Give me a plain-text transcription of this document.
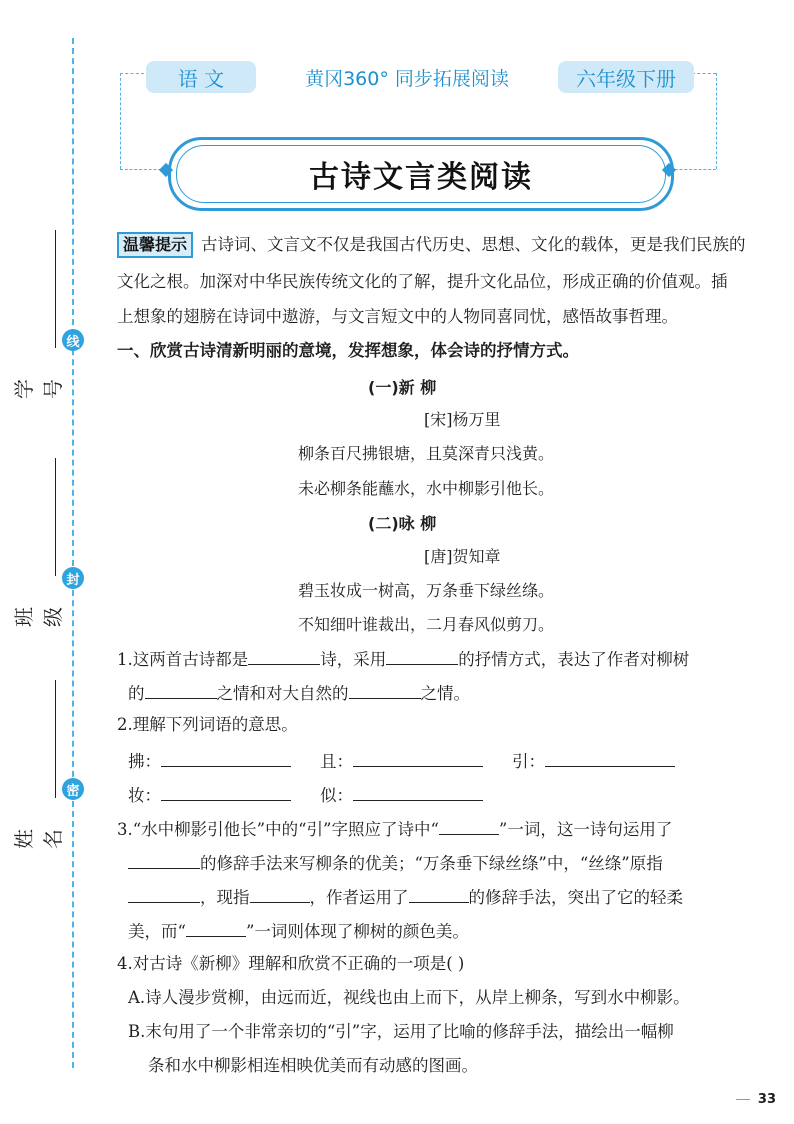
线
封
密
学号
班级
姓名
语 文	黄冈360° 同步拓展阅读	六年级下册
古诗文言类阅读
温馨提示 古诗词、文言文不仅是我国古代历史、思想、文化的载体，更是我们民族的
文化之根。加深对中华民族传统文化的了解，提升文化品位，形成正确的价值观。插
上想象的翅膀在诗词中遨游，与文言短文中的人物同喜同忧，感悟故事哲理。
一、欣赏古诗清新明丽的意境，发挥想象，体会诗的抒情方式。
(一)新 柳
[宋]杨万里
柳条百尺拂银塘，且莫深青只浅黄。
未必柳条能蘸水，水中柳影引他长。
(二)咏 柳
[唐]贺知章
碧玉妆成一树高，万条垂下绿丝绦。
不知细叶谁裁出，二月春风似剪刀。
1.这两首古诗都是	诗，采用	的抒情方式，表达了作者对柳树
的	之情和对大自然的	之情。
2.理解下列词语的意思。
拂：	且：	引：
妆：	似：
3.“水中柳影引他长”中的“引”字照应了诗中“	”一词，这一诗句运用了
的修辞手法来写柳条的优美；“万条垂下绿丝绦”中，“丝绦”原指
，现指	，作者运用了	的修辞手法，突出了它的轻柔
美，而“	”一词则体现了柳树的颜色美。
4.对古诗《新柳》理解和欣赏不正确的一项是( )
A.诗人漫步赏柳，由远而近，视线也由上而下，从岸上柳条，写到水中柳影。
B.末句用了一个非常亲切的“引”字，运用了比喻的修辞手法，描绘出一幅柳
条和水中柳影相连相映优美而有动感的图画。
33
